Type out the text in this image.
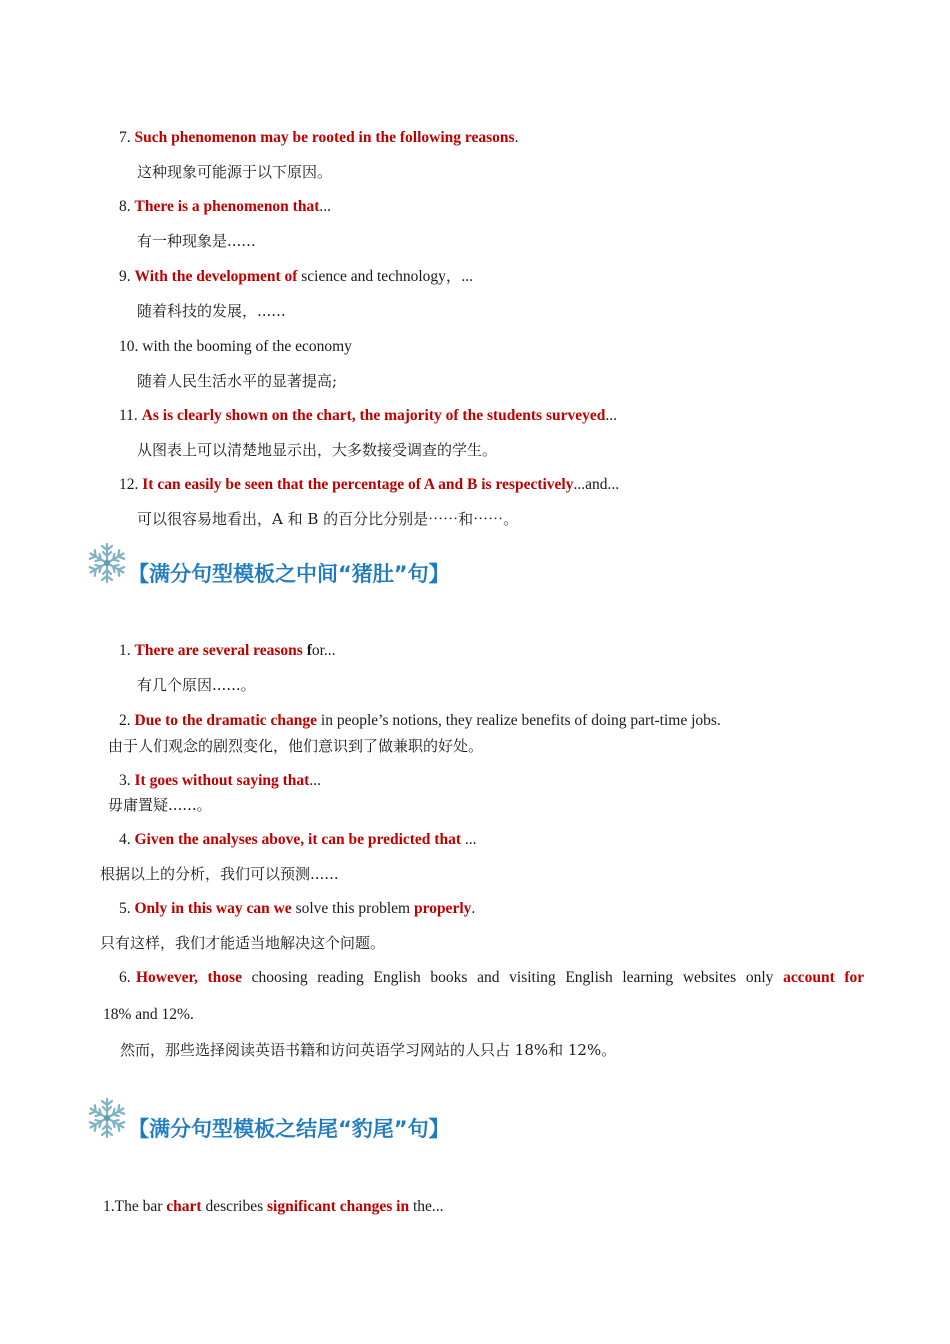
7. Such phenomenon may be rooted in the following reasons.
这种现象可能源于以下原因。
8. There is a phenomenon that...
有一种现象是......
9. With the development of science and technology，...
随着科技的发展，......
10. with the booming of the economy
随着人民生活水平的显著提高;
11. As is clearly shown on the chart, the majority of the students surveyed...
从图表上可以清楚地显示出，大多数接受调查的学生。
12. It can easily be seen that the percentage of A and B is respectively...and...
可以很容易地看出，A 和 B 的百分比分别是⋯⋯和⋯⋯。
【满分句型模板之中间“猪肚”句】
1. There are several reasons for...
有几个原因......。
2. Due to the dramatic change in people’s notions, they realize benefits of doing part-time jobs.
由于人们观念的剧烈变化，他们意识到了做兼职的好处。
3. It goes without saying that...
毋庸置疑......。
4. Given the analyses above, it can be predicted that ...
根据以上的分析，我们可以预测......
5. Only in this way can we solve this problem properly.
只有这样，我们才能适当地解决这个问题。
6. However, those choosing reading English books and visiting English learning websites only account for
18% and 12%.
然而，那些选择阅读英语书籍和访问英语学习网站的人只占 18%和 12%。
【满分句型模板之结尾“豹尾”句】
1.The bar chart describes significant changes in the...
